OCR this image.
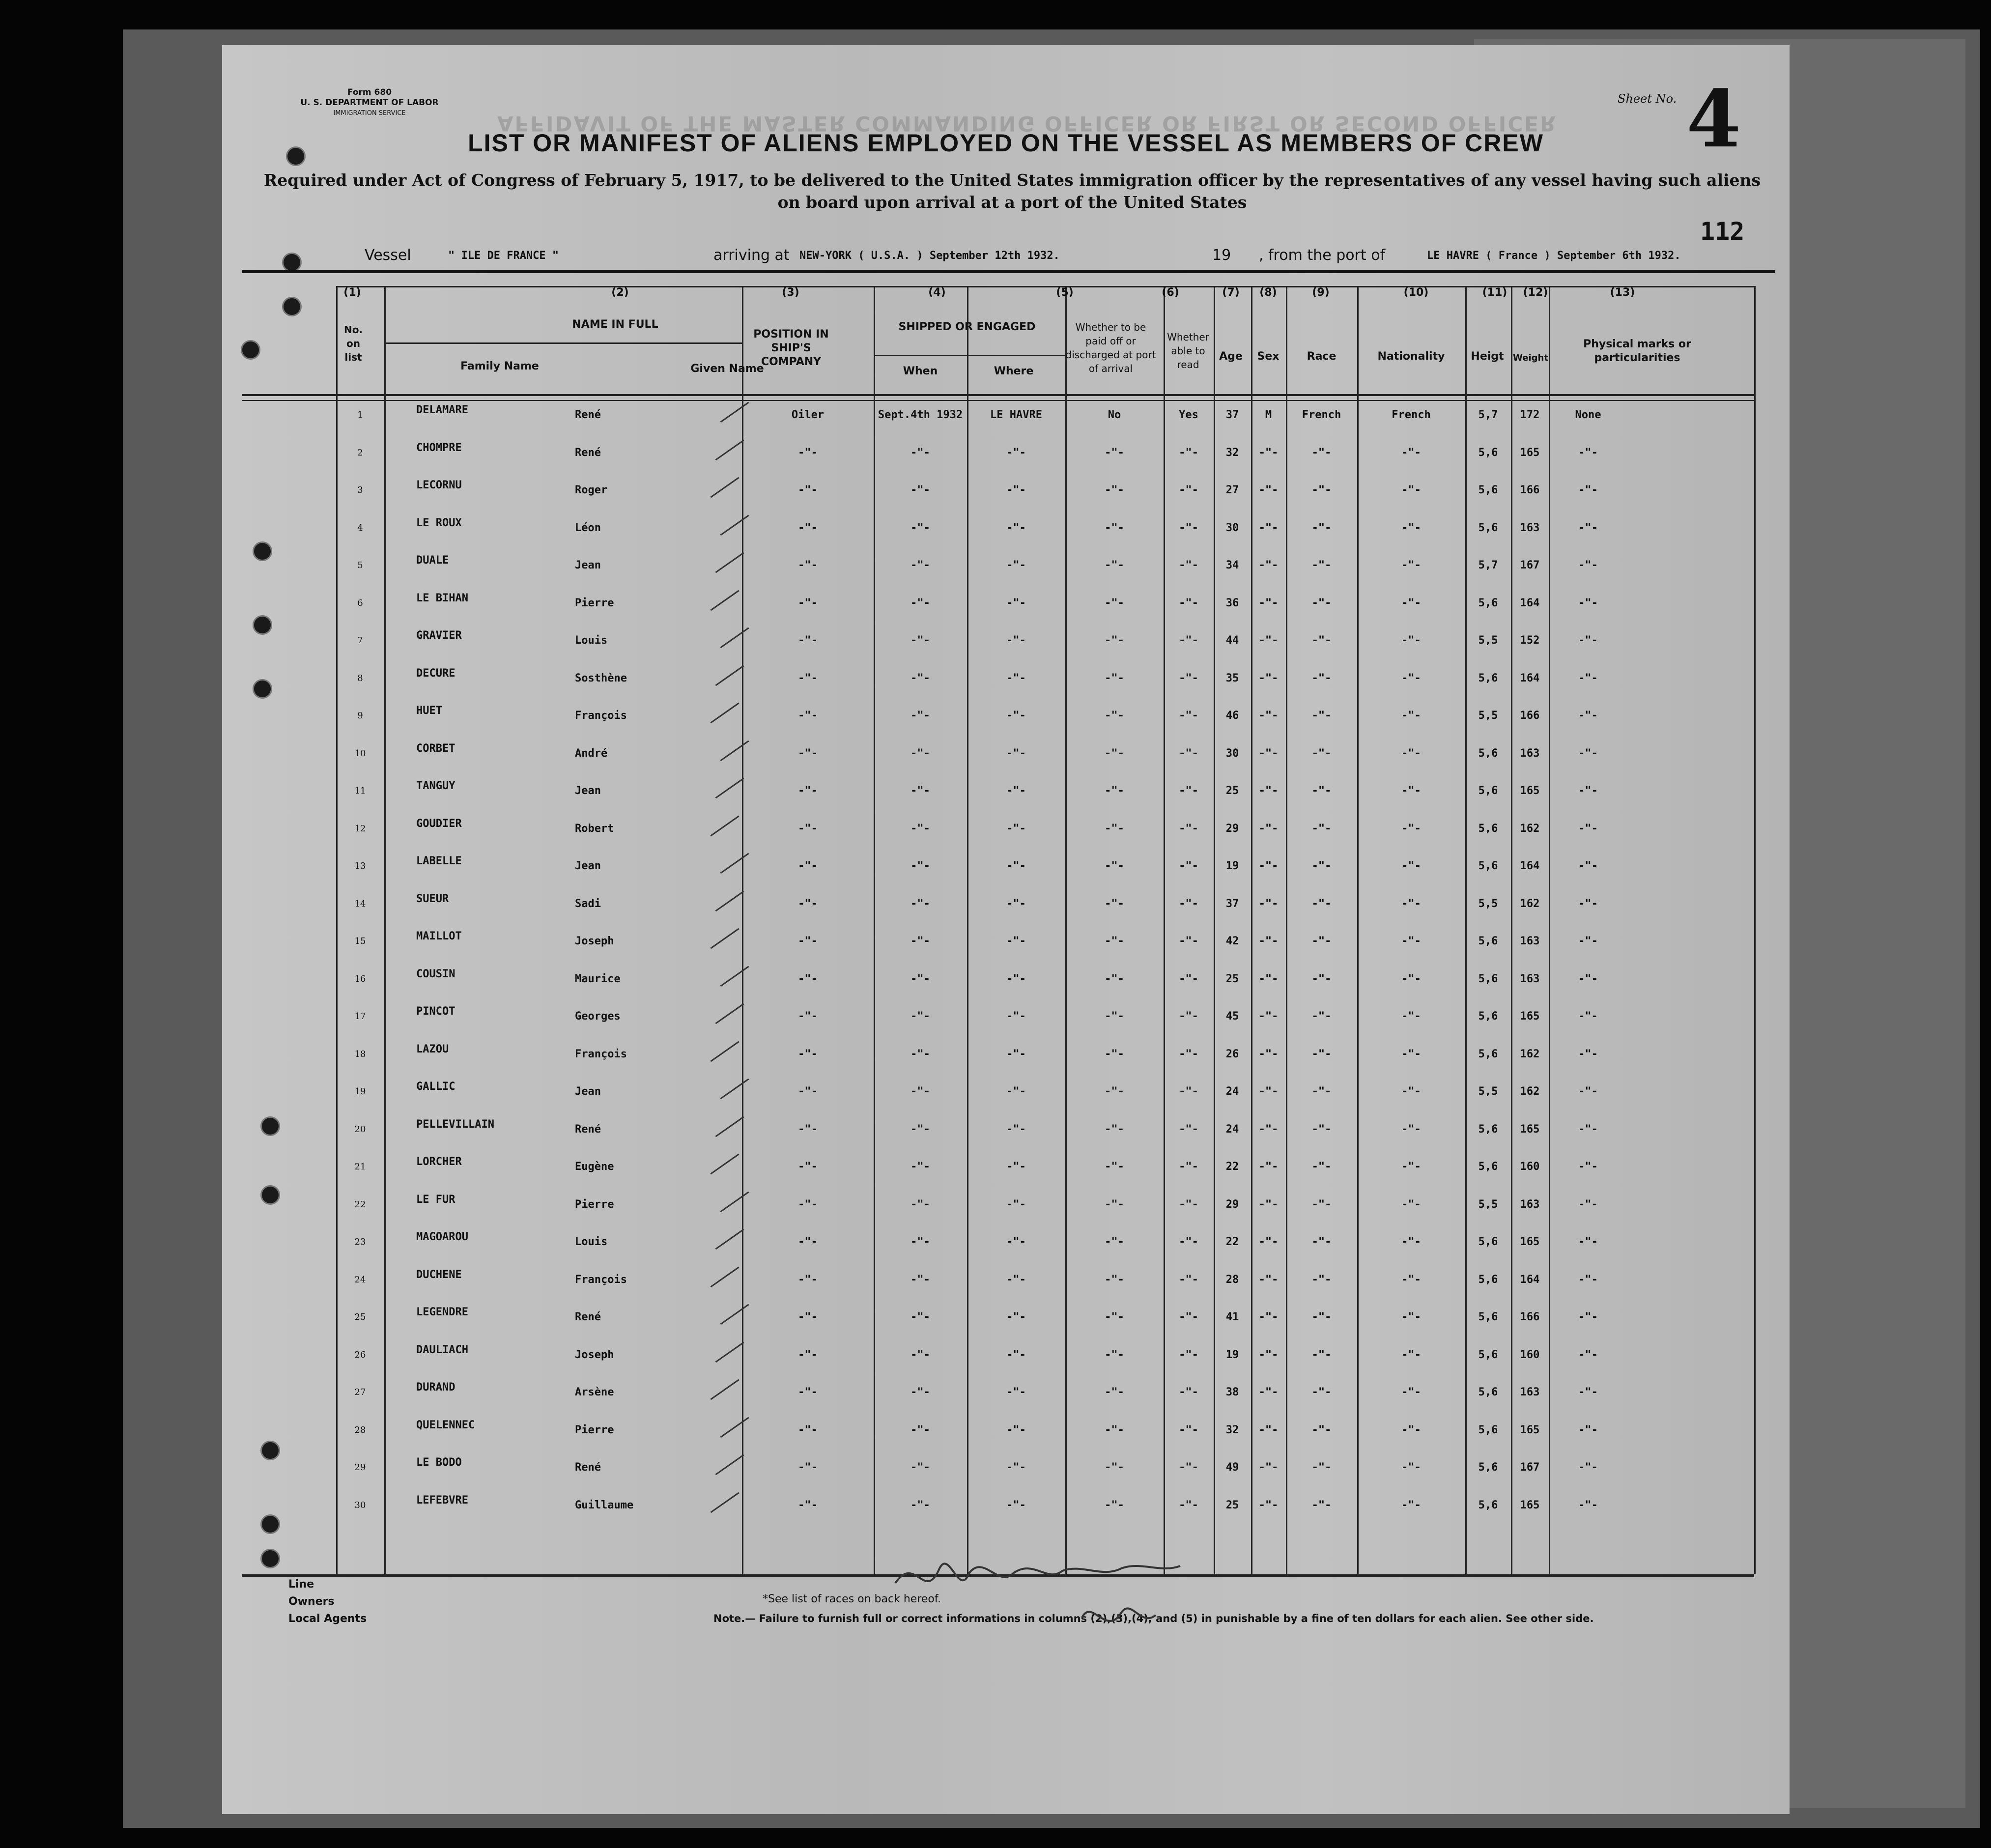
Form 680
U. S. DEPARTMENT OF LABOR
IMMIGRATION SERVICE
Sheet No. 4
AFFIDAVIT OF THE MASTER COMMANDING OFFICER OR FIRST OR SECOND OFFICER
LIST OR MANIFEST OF ALIENS EMPLOYED ON THE VESSEL AS MEMBERS OF CREW
Required under Act of Congress of February 5, 1917, to be delivered to the United States immigration officer by the representatives of any vessel having such aliens
on board upon arrival at a port of the United States
112
Vessel	" ILE DE FRANCE "	arriving at NEW-YORK ( U.S.A. ) September 12th 1932.	19 , from the port of	LE HAVRE ( France ) September 6th 1932.
(1)	(2)	(3)	(4)	(5)	(6)	(7)	(8)	(9)	(10)	(11)	(12)	(13)
No. on list
NAME IN FULL
Family Name	Given Name
POSITION IN SHIP'S COMPANY
SHIPPED OR ENGAGED
When	Where
Whether to be paid off or discharged at port of arrival
Whether able to read
Age	Sex	Race	Nationality	Heigt	Weight
Physical marks or particularities
1	DELAMARE	René	Oiler	Sept.4th 1932	LE HAVRE	No	Yes	37	M	French	French	5,7	172	None
2	CHOMPRE	René	-"-	-"-	-"-	-"-	-"-	32	-"-	-"-	-"-	5,6	165	-"-
3	LECORNU	Roger	-"-	-"-	-"-	-"-	-"-	27	-"-	-"-	-"-	5,6	166	-"-
4	LE ROUX	Léon	-"-	-"-	-"-	-"-	-"-	30	-"-	-"-	-"-	5,6	163	-"-
5	DUALE	Jean	-"-	-"-	-"-	-"-	-"-	34	-"-	-"-	-"-	5,7	167	-"-
6	LE BIHAN	Pierre	-"-	-"-	-"-	-"-	-"-	36	-"-	-"-	-"-	5,6	164	-"-
7	GRAVIER	Louis	-"-	-"-	-"-	-"-	-"-	44	-"-	-"-	-"-	5,5	152	-"-
8	DECURE	Sosthène	-"-	-"-	-"-	-"-	-"-	35	-"-	-"-	-"-	5,6	164	-"-
9	HUET	François	-"-	-"-	-"-	-"-	-"-	46	-"-	-"-	-"-	5,5	166	-"-
10	CORBET	André	-"-	-"-	-"-	-"-	-"-	30	-"-	-"-	-"-	5,6	163	-"-
11	TANGUY	Jean	-"-	-"-	-"-	-"-	-"-	25	-"-	-"-	-"-	5,6	165	-"-
12	GOUDIER	Robert	-"-	-"-	-"-	-"-	-"-	29	-"-	-"-	-"-	5,6	162	-"-
13	LABELLE	Jean	-"-	-"-	-"-	-"-	-"-	19	-"-	-"-	-"-	5,6	164	-"-
14	SUEUR	Sadi	-"-	-"-	-"-	-"-	-"-	37	-"-	-"-	-"-	5,5	162	-"-
15	MAILLOT	Joseph	-"-	-"-	-"-	-"-	-"-	42	-"-	-"-	-"-	5,6	163	-"-
16	COUSIN	Maurice	-"-	-"-	-"-	-"-	-"-	25	-"-	-"-	-"-	5,6	163	-"-
17	PINCOT	Georges	-"-	-"-	-"-	-"-	-"-	45	-"-	-"-	-"-	5,6	165	-"-
18	LAZOU	François	-"-	-"-	-"-	-"-	-"-	26	-"-	-"-	-"-	5,6	162	-"-
19	GALLIC	Jean	-"-	-"-	-"-	-"-	-"-	24	-"-	-"-	-"-	5,5	162	-"-
20	PELLEVILLAIN	René	-"-	-"-	-"-	-"-	-"-	24	-"-	-"-	-"-	5,6	165	-"-
21	LORCHER	Eugène	-"-	-"-	-"-	-"-	-"-	22	-"-	-"-	-"-	5,6	160	-"-
22	LE FUR	Pierre	-"-	-"-	-"-	-"-	-"-	29	-"-	-"-	-"-	5,5	163	-"-
23	MAGOAROU	Louis	-"-	-"-	-"-	-"-	-"-	22	-"-	-"-	-"-	5,6	165	-"-
24	DUCHENE	François	-"-	-"-	-"-	-"-	-"-	28	-"-	-"-	-"-	5,6	164	-"-
25	LEGENDRE	René	-"-	-"-	-"-	-"-	-"-	41	-"-	-"-	-"-	5,6	166	-"-
26	DAULIACH	Joseph	-"-	-"-	-"-	-"-	-"-	19	-"-	-"-	-"-	5,6	160	-"-
27	DURAND	Arsène	-"-	-"-	-"-	-"-	-"-	38	-"-	-"-	-"-	5,6	163	-"-
28	QUELENNEC	Pierre	-"-	-"-	-"-	-"-	-"-	32	-"-	-"-	-"-	5,6	165	-"-
29	LE BODO	René	-"-	-"-	-"-	-"-	-"-	49	-"-	-"-	-"-	5,6	167	-"-
30	LEFEBVRE	Guillaume	-"-	-"-	-"-	-"-	-"-	25	-"-	-"-	-"-	5,6	165	-"-
Line
Owners
Local Agents
*See list of races on back hereof.
Note.— Failure to furnish full or correct informations in columns (2),(3),(4), and (5) in punishable by a fine of ten dollars for each alien. See other side.
